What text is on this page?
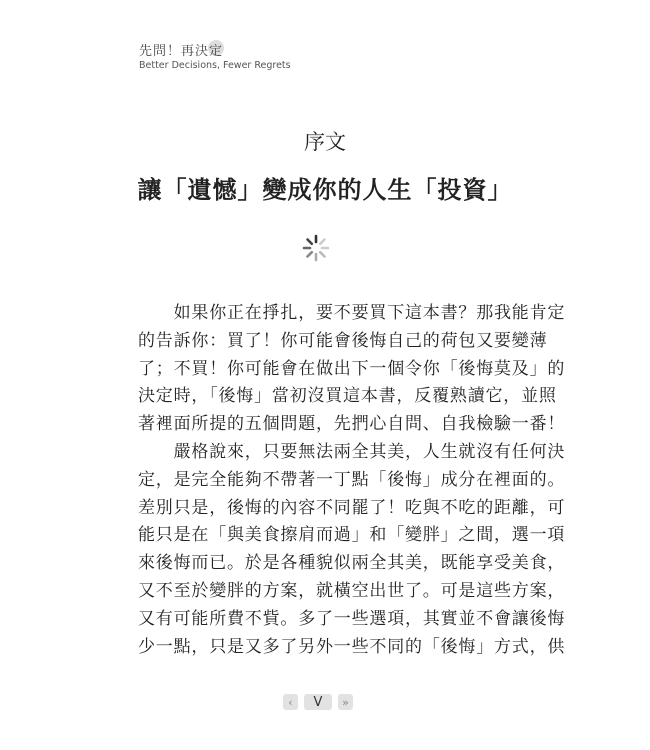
先問！再決定
Better Decisions, Fewer Regrets
序文
讓「遺憾」變成你的人生「投資」
　　如果你正在掙扎，要不要買下這本書？那我能肯定
的告訴你：買了！你可能會後悔自己的荷包又要變薄
了；不買！你可能會在做出下一個令你「後悔莫及」的
決定時，「後悔」當初沒買這本書，反覆熟讀它，並照
著裡面所提的五個問題，先捫心自問、自我檢驗一番！
　　嚴格說來，只要無法兩全其美，人生就沒有任何決
定，是完全能夠不帶著一丁點「後悔」成分在裡面的。
差別只是，後悔的內容不同罷了！吃與不吃的距離，可
能只是在「與美食擦肩而過」和「變胖」之間，選一項
來後悔而已。於是各種貌似兩全其美，既能享受美食，
又不至於變胖的方案，就橫空出世了。可是這些方案，
又有可能所費不貲。多了一些選項，其實並不會讓後悔
少一點，只是又多了另外一些不同的「後悔」方式，供
‹	V	»
